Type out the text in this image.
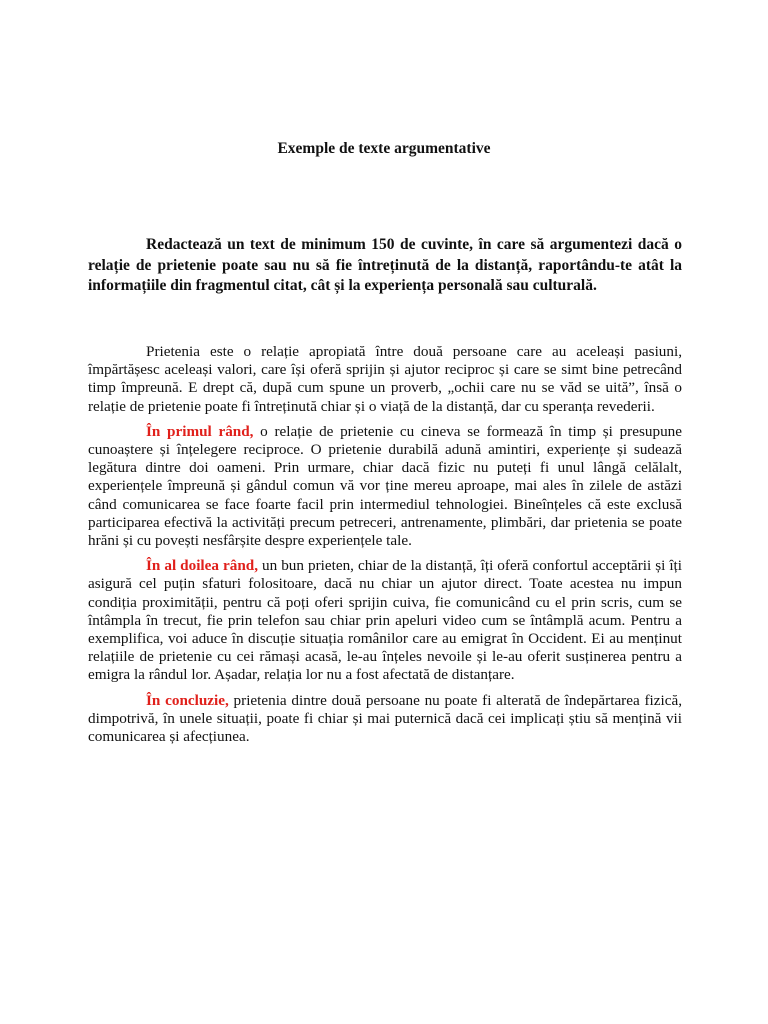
Exemple de texte argumentative

Redactează un text de minimum 150 de cuvinte, în care să argumentezi dacă o relație de prietenie poate sau nu să fie întreținută de la distanță, raportându-te atât la informațiile din fragmentul citat, cât și la experiența personală sau culturală.

Prietenia este o relație apropiată între două persoane care au aceleași pasiuni, împărtășesc aceleași valori, care își oferă sprijin și ajutor reciproc și care se simt bine petrecând timp împreună. E drept că, după cum spune un proverb, „ochii care nu se văd se uită”, însă o relație de prietenie poate fi întreținută chiar și o viață de la distanță, dar cu speranța revederii.

În primul rând, o relație de prietenie cu cineva se formează în timp și presupune cunoaștere și înțelegere reciproce. O prietenie durabilă adună amintiri, experiențe și sudează legătura dintre doi oameni. Prin urmare, chiar dacă fizic nu puteți fi unul lângă celălalt, experiențele împreună și gândul comun vă vor ține mereu aproape, mai ales în zilele de astăzi când comunicarea se face foarte facil prin intermediul tehnologiei. Bineînțeles că este exclusă participarea efectivă la activități precum petreceri, antrenamente, plimbări, dar prietenia se poate hrăni și cu povești nesfârșite despre experiențele tale.

În al doilea rând, un bun prieten, chiar de la distanță, îți oferă confortul acceptării și îți asigură cel puțin sfaturi folositoare, dacă nu chiar un ajutor direct. Toate acestea nu impun condiția proximității, pentru că poți oferi sprijin cuiva, fie comunicând cu el prin scris, cum se întâmpla în trecut, fie prin telefon sau chiar prin apeluri video cum se întâmplă acum. Pentru a exemplifica, voi aduce în discuție situația românilor care au emigrat în Occident. Ei au menținut relațiile de prietenie cu cei rămași acasă, le-au înțeles nevoile și le-au oferit susținerea pentru a emigra la rândul lor. Așadar, relația lor nu a fost afectată de distanțare.

În concluzie, prietenia dintre două persoane nu poate fi alterată de îndepărtarea fizică, dimpotrivă, în unele situații, poate fi chiar și mai puternică dacă cei implicați știu să mențină vii comunicarea și afecțiunea.
